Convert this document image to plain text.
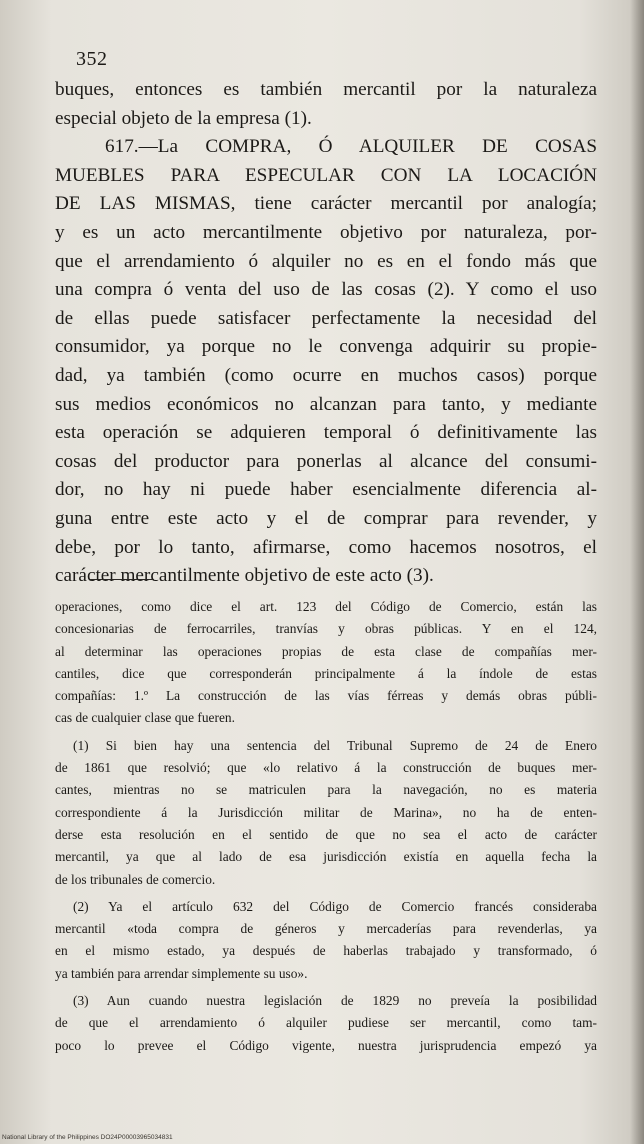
352
buques, entonces es también mercantil por la naturaleza
especial objeto de la empresa (1).
617.—La COMPRA, Ó ALQUILER DE COSAS
MUEBLES PARA ESPECULAR CON LA LOCACIÓN
DE LAS MISMAS, tiene carácter mercantil por analogía;
y es un acto mercantilmente objetivo por naturaleza, por-
que el arrendamiento ó alquiler no es en el fondo más que
una compra ó venta del uso de las cosas (2). Y como el uso
de ellas puede satisfacer perfectamente la necesidad del
consumidor, ya porque no le convenga adquirir su propie-
dad, ya también (como ocurre en muchos casos) porque
sus medios económicos no alcanzan para tanto, y mediante
esta operación se adquieren temporal ó definitivamente las
cosas del productor para ponerlas al alcance del consumi-
dor, no hay ni puede haber esencialmente diferencia al-
guna entre este acto y el de comprar para revender, y
debe, por lo tanto, afirmarse, como hacemos nosotros, el
carácter mercantilmente objetivo de este acto (3).
operaciones, como dice el art. 123 del Código de Comercio, están las
concesionarias de ferrocarriles, tranvías y obras públicas. Y en el 124,
al determinar las operaciones propias de esta clase de compañías mer-
cantiles, dice que corresponderán principalmente á la índole de estas
compañías: 1.º La construcción de las vías férreas y demás obras públi-
cas de cualquier clase que fueren.
(1) Si bien hay una sentencia del Tribunal Supremo de 24 de Enero
de 1861 que resolvió; que «lo relativo á la construcción de buques mer-
cantes, mientras no se matriculen para la navegación, no es materia
correspondiente á la Jurisdicción militar de Marina», no ha de enten-
derse esta resolución en el sentido de que no sea el acto de carácter
mercantil, ya que al lado de esa jurisdicción existía en aquella fecha la
de los tribunales de comercio.
(2) Ya el artículo 632 del Código de Comercio francés consideraba
mercantil «toda compra de géneros y mercaderías para revenderlas, ya
en el mismo estado, ya después de haberlas trabajado y transformado, ó
ya también para arrendar simplemente su uso».
(3) Aun cuando nuestra legislación de 1829 no preveía la posibilidad
de que el arrendamiento ó alquiler pudiese ser mercantil, como tam-
poco lo prevee el Código vigente, nuestra jurisprudencia empezó ya
National Library of the Philippines DO24P00003965034831
